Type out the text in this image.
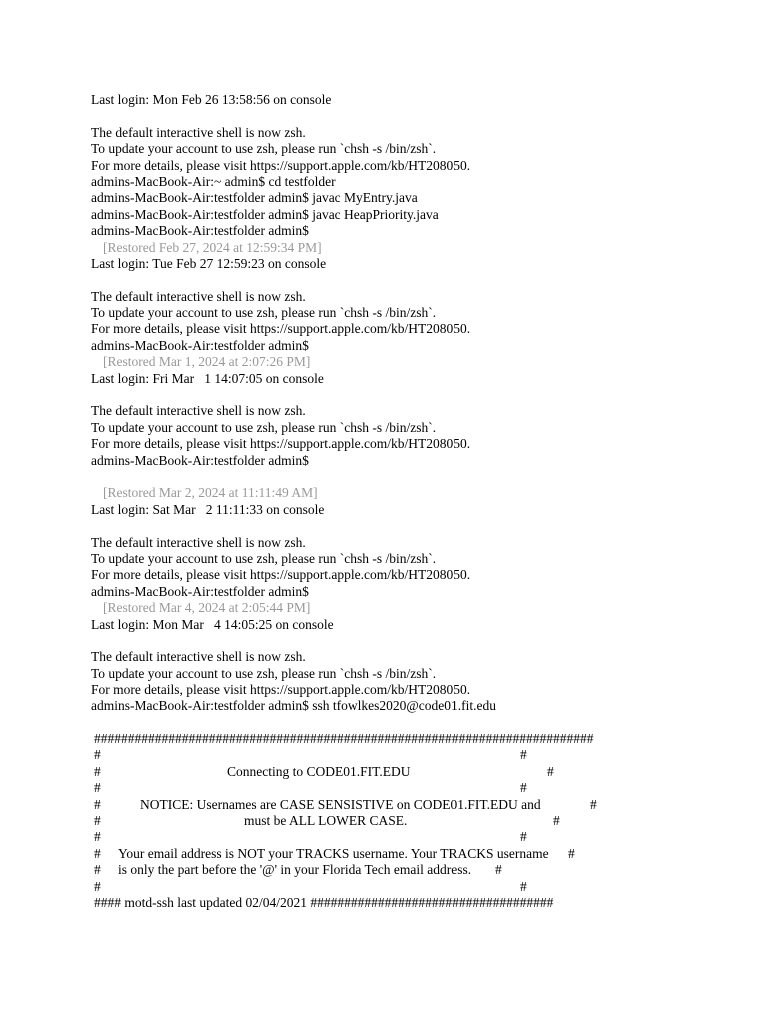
Last login: Mon Feb 26 13:58:56 on console
The default interactive shell is now zsh.
To update your account to use zsh, please run `chsh -s /bin/zsh`.
For more details, please visit https://support.apple.com/kb/HT208050.
admins-MacBook-Air:~ admin$ cd testfolder
admins-MacBook-Air:testfolder admin$ javac MyEntry.java
admins-MacBook-Air:testfolder admin$ javac HeapPriority.java
admins-MacBook-Air:testfolder admin$
[Restored Feb 27, 2024 at 12:59:34 PM]
Last login: Tue Feb 27 12:59:23 on console
The default interactive shell is now zsh.
To update your account to use zsh, please run `chsh -s /bin/zsh`.
For more details, please visit https://support.apple.com/kb/HT208050.
admins-MacBook-Air:testfolder admin$
[Restored Mar 1, 2024 at 2:07:26 PM]
Last login: Fri Mar   1 14:07:05 on console
The default interactive shell is now zsh.
To update your account to use zsh, please run `chsh -s /bin/zsh`.
For more details, please visit https://support.apple.com/kb/HT208050.
admins-MacBook-Air:testfolder admin$
[Restored Mar 2, 2024 at 11:11:49 AM]
Last login: Sat Mar   2 11:11:33 on console
The default interactive shell is now zsh.
To update your account to use zsh, please run `chsh -s /bin/zsh`.
For more details, please visit https://support.apple.com/kb/HT208050.
admins-MacBook-Air:testfolder admin$
[Restored Mar 4, 2024 at 2:05:44 PM]
Last login: Mon Mar   4 14:05:25 on console
The default interactive shell is now zsh.
To update your account to use zsh, please run `chsh -s /bin/zsh`.
For more details, please visit https://support.apple.com/kb/HT208050.
admins-MacBook-Air:testfolder admin$ ssh tfowlkes2020@code01.fit.edu
##########################################################################
#	#
#	Connecting to CODE01.FIT.EDU	#
#	#
#	NOTICE: Usernames are CASE SENSISTIVE on CODE01.FIT.EDU and	#
#	must be ALL LOWER CASE.	#
#	#
# Your email address is NOT your TRACKS username. Your TRACKS username #
# is only the part before the '@' in your Florida Tech email address. #
#	#
#### motd-ssh last updated 02/04/2021 ####################################
